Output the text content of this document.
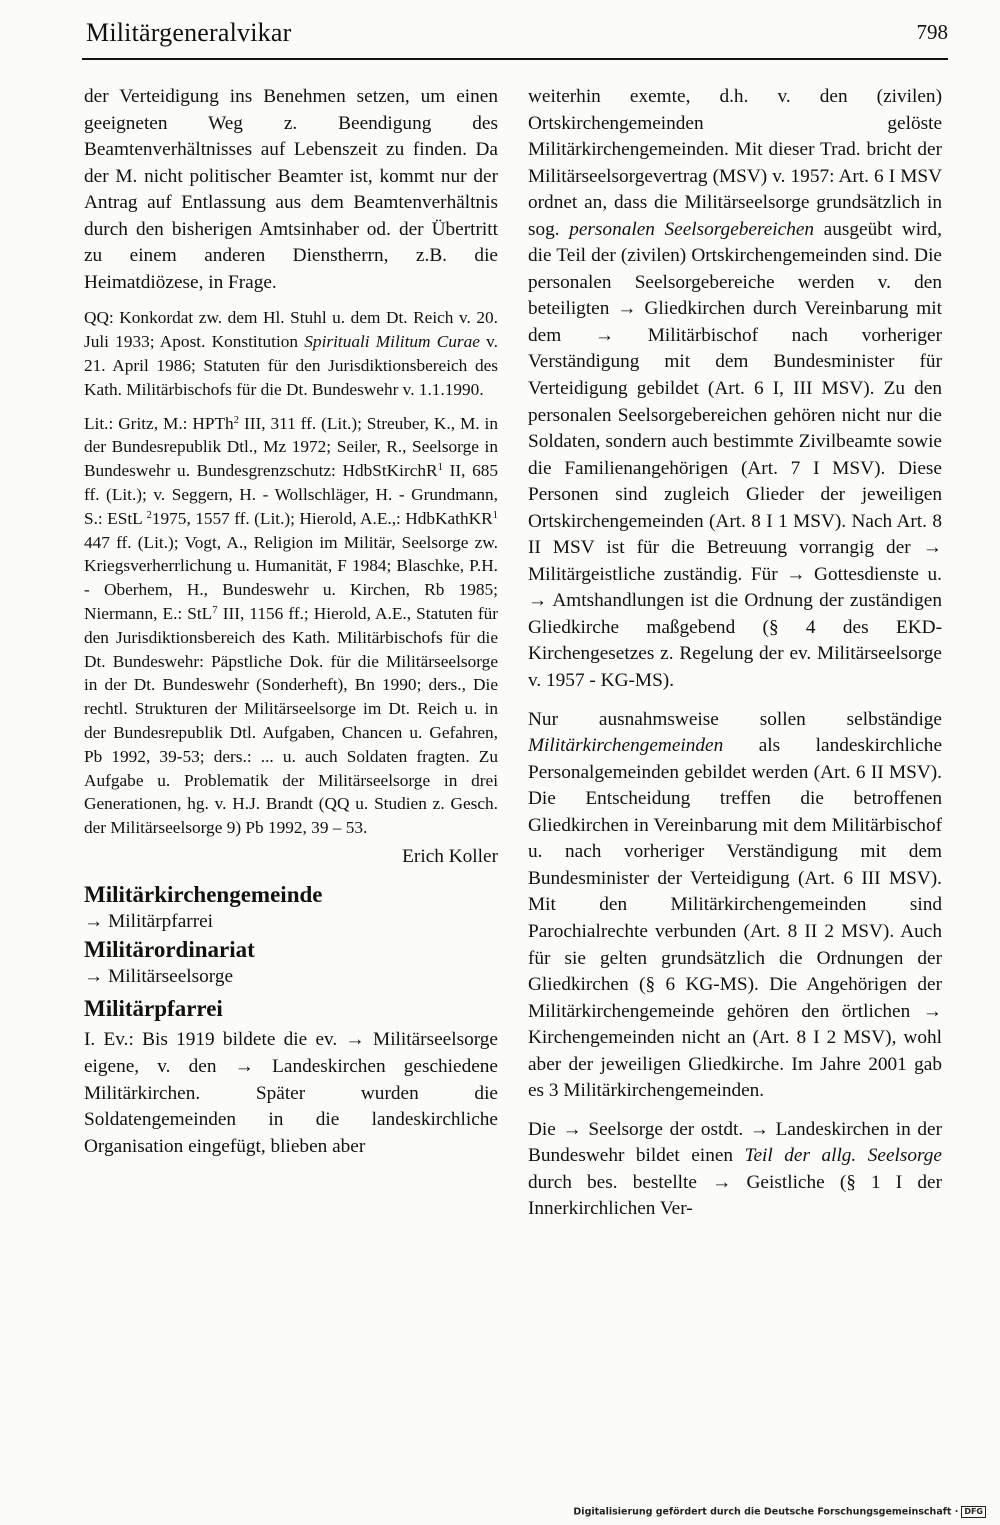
Militärgeneralvikar	798

der Verteidigung ins Benehmen setzen, um einen geeigneten Weg z. Beendigung des Beamtenverhältnisses auf Lebenszeit zu finden. Da der M. nicht politischer Beamter ist, kommt nur der Antrag auf Entlassung aus dem Beamtenverhältnis durch den bisherigen Amtsinhaber od. der Übertritt zu einem anderen Dienstherrn, z.B. die Heimatdiözese, in Frage.

QQ: Konkordat zw. dem Hl. Stuhl u. dem Dt. Reich v. 20. Juli 1933; Apost. Konstitution Spirituali Militum Curae v. 21. April 1986; Statuten für den Jurisdiktionsbereich des Kath. Militärbischofs für die Dt. Bundeswehr v. 1.1.1990.

Lit.: Gritz, M.: HPTh$^2$ III, 311 ff. (Lit.); Streuber, K., M. in der Bundesrepublik Dtl., Mz 1972; Seiler, R., Seelsorge in Bundeswehr u. Bundesgrenzschutz: HdbStKirchR$^1$ II, 685 ff. (Lit.); v. Seggern, H. - Wollschläger, H. - Grundmann, S.: EStL $^2$1975, 1557 ff. (Lit.); Hierold, A.E.,: HdbKathKR$^1$ 447 ff. (Lit.); Vogt, A., Religion im Militär, Seelsorge zw. Kriegsverherrlichung u. Humanität, F 1984; Blaschke, P.H. - Oberhem, H., Bundeswehr u. Kirchen, Rb 1985; Niermann, E.: StL$^7$ III, 1156 ff.; Hierold, A.E., Statuten für den Jurisdiktionsbereich des Kath. Militärbischofs für die Dt. Bundeswehr: Päpstliche Dok. für die Militärseelsorge in der Dt. Bundeswehr (Sonderheft), Bn 1990; ders., Die rechtl. Strukturen der Militärseelsorge im Dt. Reich u. in der Bundesrepublik Dtl. Aufgaben, Chancen u. Gefahren, Pb 1992, 39-53; ders.: ... u. auch Soldaten fragten. Zu Aufgabe u. Problematik der Militärseelsorge in drei Generationen, hg. v. H.J. Brandt (QQ u. Studien z. Gesch. der Militärseelsorge 9) Pb 1992, 39 – 53.

Erich Koller

Militärkirchengemeinde

→ Militärpfarrei

Militärordinariat

→ Militärseelsorge

Militärpfarrei

I. Ev.: Bis 1919 bildete die ev. → Militärseelsorge eigene, v. den → Landeskirchen geschiedene Militärkirchen. Später wurden die Soldatengemeinden in die landeskirchliche Organisation eingefügt, blieben aber

weiterhin exemte, d.h. v. den (zivilen) Ortskirchengemeinden gelöste Militärkirchengemeinden. Mit dieser Trad. bricht der Militärseelsorgevertrag (MSV) v. 1957: Art. 6 I MSV ordnet an, dass die Militärseelsorge grundsätzlich in sog. personalen Seelsorgebereichen ausgeübt wird, die Teil der (zivilen) Ortskirchengemeinden sind. Die personalen Seelsorgebereiche werden v. den beteiligten → Gliedkirchen durch Vereinbarung mit dem → Militärbischof nach vorheriger Verständigung mit dem Bundesminister für Verteidigung gebildet (Art. 6 I, III MSV). Zu den personalen Seelsorgebereichen gehören nicht nur die Soldaten, sondern auch bestimmte Zivilbeamte sowie die Familienangehörigen (Art. 7 I MSV). Diese Personen sind zugleich Glieder der jeweiligen Ortskirchengemeinden (Art. 8 I 1 MSV). Nach Art. 8 II MSV ist für die Betreuung vorrangig der → Militärgeistliche zuständig. Für → Gottesdienste u. → Amtshandlungen ist die Ordnung der zuständigen Gliedkirche maßgebend (§ 4 des EKD-Kirchengesetzes z. Regelung der ev. Militärseelsorge v. 1957 - KG-MS).

Nur ausnahmsweise sollen selbständige Militärkirchengemeinden als landeskirchliche Personalgemeinden gebildet werden (Art. 6 II MSV). Die Entscheidung treffen die betroffenen Gliedkirchen in Vereinbarung mit dem Militärbischof u. nach vorheriger Verständigung mit dem Bundesminister der Verteidigung (Art. 6 III MSV). Mit den Militärkirchengemeinden sind Parochialrechte verbunden (Art. 8 II 2 MSV). Auch für sie gelten grundsätzlich die Ordnungen der Gliedkirchen (§ 6 KG-MS). Die Angehörigen der Militärkirchengemeinde gehören den örtlichen → Kirchengemeinden nicht an (Art. 8 I 2 MSV), wohl aber der jeweiligen Gliedkirche. Im Jahre 2001 gab es 3 Militärkirchengemeinden.

Die → Seelsorge der ostdt. → Landeskirchen in der Bundeswehr bildet einen Teil der allg. Seelsorge durch bes. bestellte → Geistliche (§ 1 I der Innerkirchlichen Ver-

Digitalisierung gefördert durch die Deutsche Forschungsgemeinschaft · DFG
